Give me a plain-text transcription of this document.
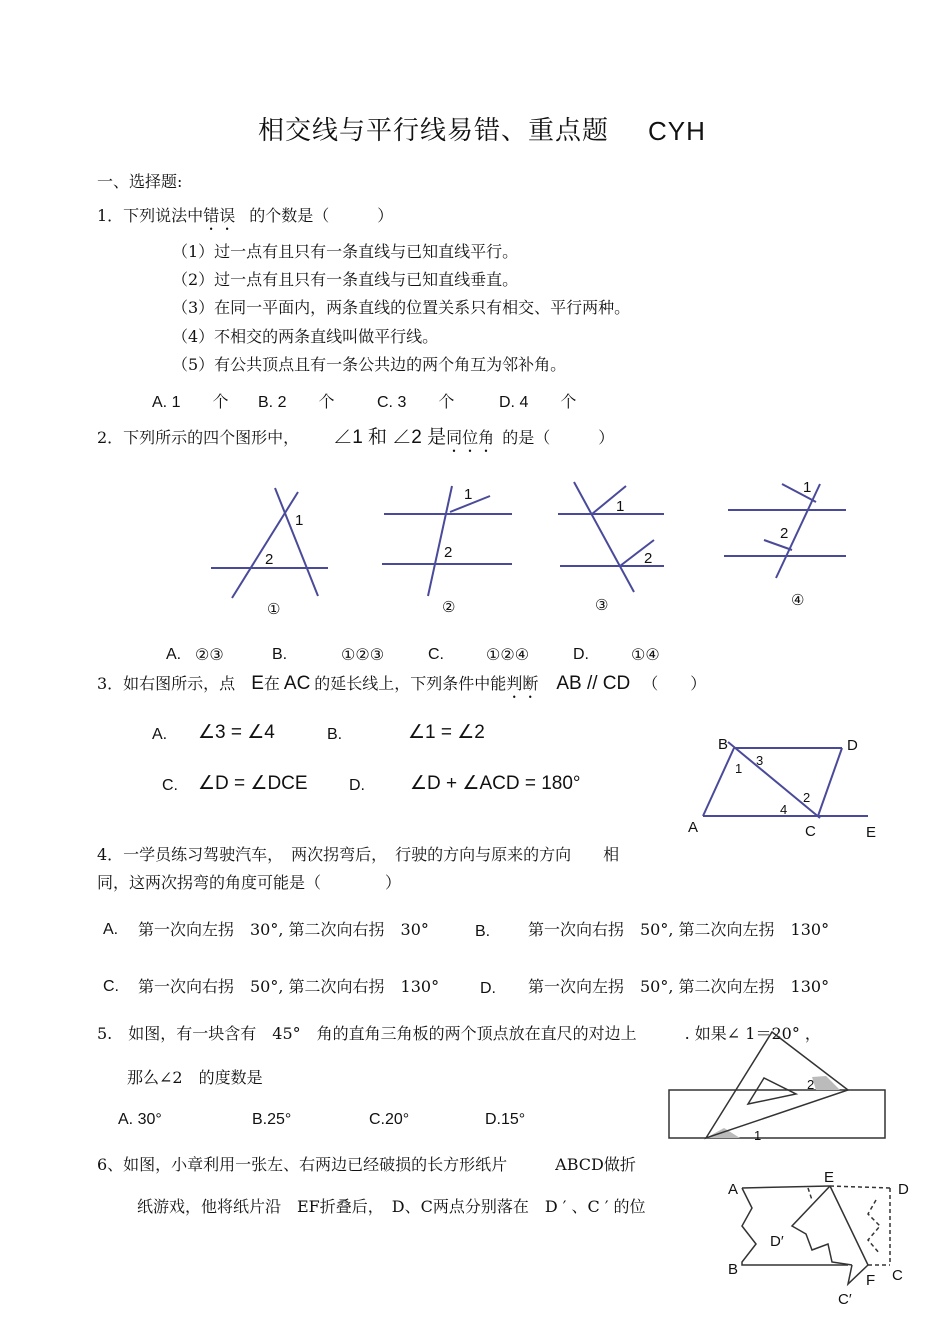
相交线与平行线易错、重点题 CYH
一、选择题:
1．下列说法中错误 的个数是（　　　）
（1）过一点有且只有一条直线与已知直线平行。
（2）过一点有且只有一条直线与已知直线垂直。
（3）在同一平面内，两条直线的位置关系只有相交、平行两种。
（4）不相交的两条直线叫做平行线。
（5）有公共顶点且有一条公共边的两个角互为邻补角。
A. 1　　个 B. 2　　个	C. 3　　个	D. 4　　个
2．下列所示的四个图形中， ∠1 和 ∠2 是同位角 的是（　　　）
1
2
①
1
2
②
1
2
③
1
2
④
A. ②③	B.	①②③	C.	①②④	D.	①④
3．如右图所示，点 E在 AC 的延长线上，下列条件中能判断 AB // CD （　　）
A. ∠3 = ∠4	B.	∠1 = ∠2
C. ∠D = ∠DCE	D. ∠D + ∠ACD = 180°
B	D
A	C	E
1
3
2
4
4．一学员练习驾驶汽车，　两次拐弯后，　行驶的方向与原来的方向　　相
同，这两次拐弯的角度可能是（　　　　）
A. 第一次向左拐　30°, 第二次向右拐　30°	B. 第一次向右拐　50°, 第二次向左拐　130°
C. 第一次向右拐　50°, 第二次向右拐　130°	D. 第一次向左拐　50°, 第二次向左拐　130°
5.　如图，有一块含有　45°　角的直角三角板的两个顶点放在直尺的对边上　　　. 如果∠ 1＝20° ，
那么∠2　的度数是
A. 30°	B.25°	C.20°	D.15°
1
2
6、如图，小章利用一张左、右两边已经破损的长方形纸片　　　ABCD做折
纸游戏，他将纸片沿　EF折叠后，　D、C两点分别落在　D ′ 、C ′ 的位
A
E
D
D′
B
F C
C′
